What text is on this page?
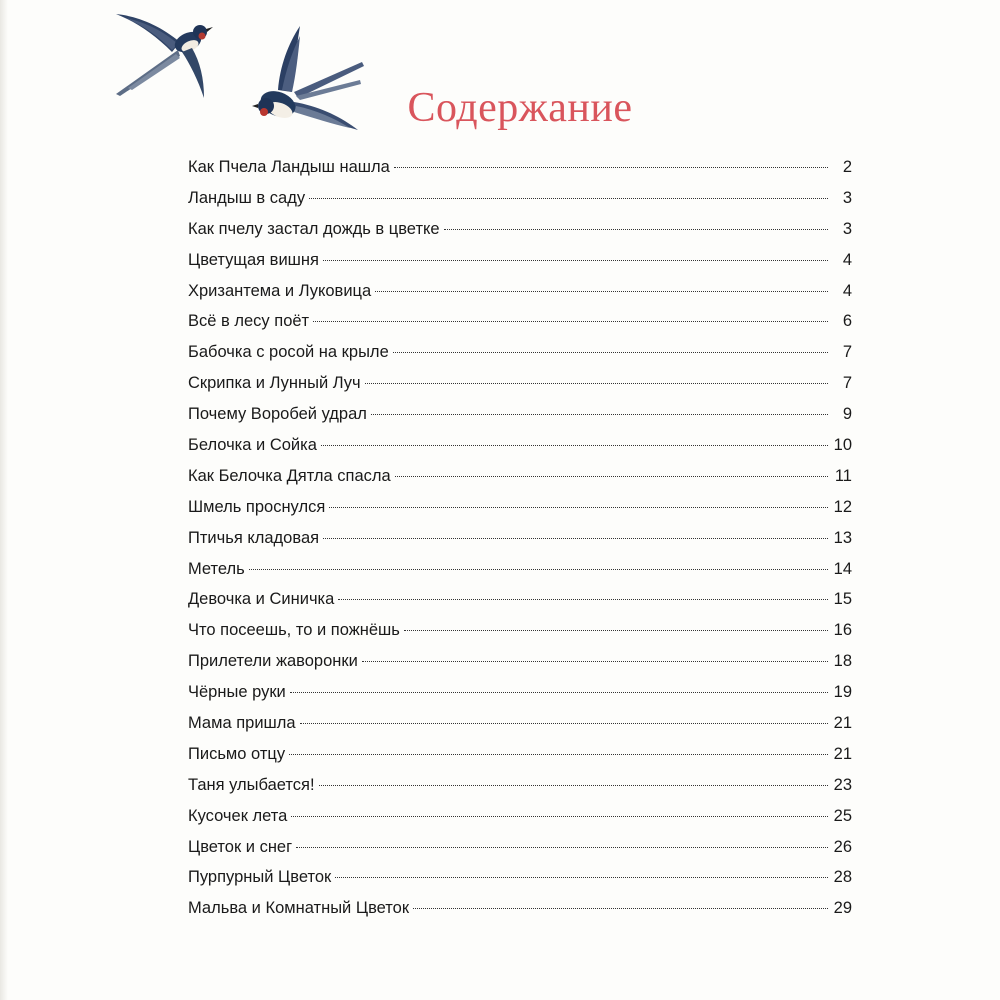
Содержание
Как Пчела Ландыш нашла	2
Ландыш в саду	3
Как пчелу застал дождь в цветке	3
Цветущая вишня	4
Хризантема и Луковица	4
Всё в лесу поёт	6
Бабочка с росой на крыле	7
Скрипка и Лунный Луч	7
Почему Воробей удрал	9
Белочка и Сойка	10
Как Белочка Дятла спасла	11
Шмель проснулся	12
Птичья кладовая	13
Метель	14
Девочка и Синичка	15
Что посеешь, то и пожнёшь	16
Прилетели жаворонки	18
Чёрные руки	19
Мама пришла	21
Письмо отцу	21
Таня улыбается!	23
Кусочек лета	25
Цветок и снег	26
Пурпурный Цветок	28
Мальва и Комнатный Цветок	29
